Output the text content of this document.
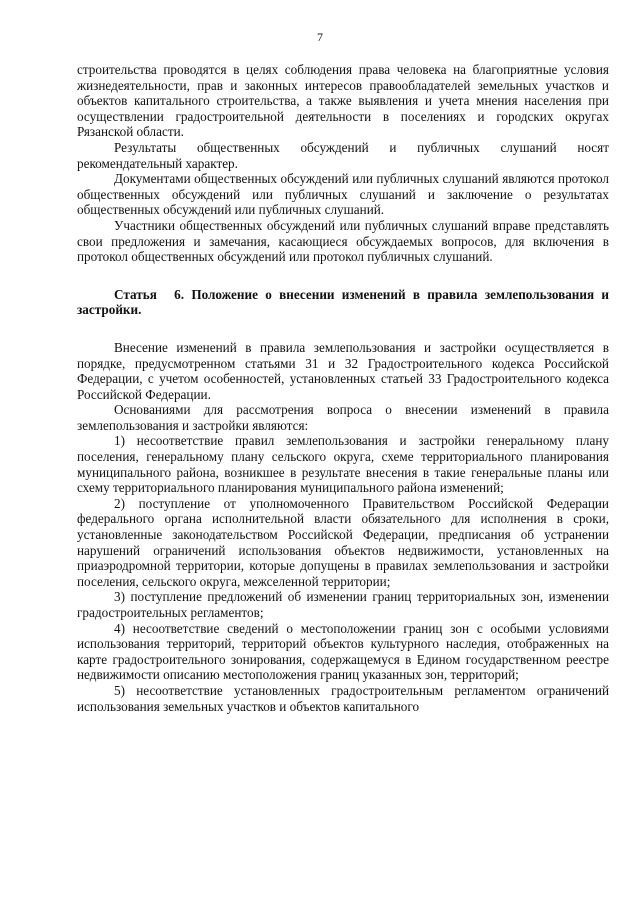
7

строительства проводятся в целях соблюдения права человека на благоприятные условия жизнедеятельности, прав и законных интересов правообладателей земельных участков и объектов капитального строительства, а также выявления и учета мнения населения при осуществлении градостроительной деятельности в поселениях и городских округах Рязанской области.

Результаты общественных обсуждений и публичных слушаний носят рекомендательный характер.

Документами общественных обсуждений или публичных слушаний являются протокол общественных обсуждений или публичных слушаний и заключение о результатах общественных обсуждений или публичных слушаний.

Участники общественных обсуждений или публичных слушаний вправе представлять свои предложения и замечания, касающиеся обсуждаемых вопросов, для включения в протокол общественных обсуждений или протокол публичных слушаний.

Статья 6. Положение о внесении изменений в правила землепользования и застройки.

Внесение изменений в правила землепользования и застройки осуществляется в порядке, предусмотренном статьями 31 и 32 Градостроительного кодекса Российской Федерации, с учетом особенностей, установленных статьей 33 Градостроительного кодекса Российской Федерации.

Основаниями для рассмотрения вопроса о внесении изменений в правила землепользования и застройки являются:

1) несоответствие правил землепользования и застройки генеральному плану поселения, генеральному плану сельского округа, схеме территориального планирования муниципального района, возникшее в результате внесения в такие генеральные планы или схему территориального планирования муниципального района изменений;

2) поступление от уполномоченного Правительством Российской Федерации федерального органа исполнительной власти обязательного для исполнения в сроки, установленные законодательством Российской Федерации, предписания об устранении нарушений ограничений использования объектов недвижимости, установленных на приаэродромной территории, которые допущены в правилах землепользования и застройки поселения, сельского округа, межселенной территории;

3) поступление предложений об изменении границ территориальных зон, изменении градостроительных регламентов;

4) несоответствие сведений о местоположении границ зон с особыми условиями использования территорий, территорий объектов культурного наследия, отображенных на карте градостроительного зонирования, содержащемуся в Едином государственном реестре недвижимости описанию местоположения границ указанных зон, территорий;

5) несоответствие установленных градостроительным регламентом ограничений использования земельных участков и объектов капитального
